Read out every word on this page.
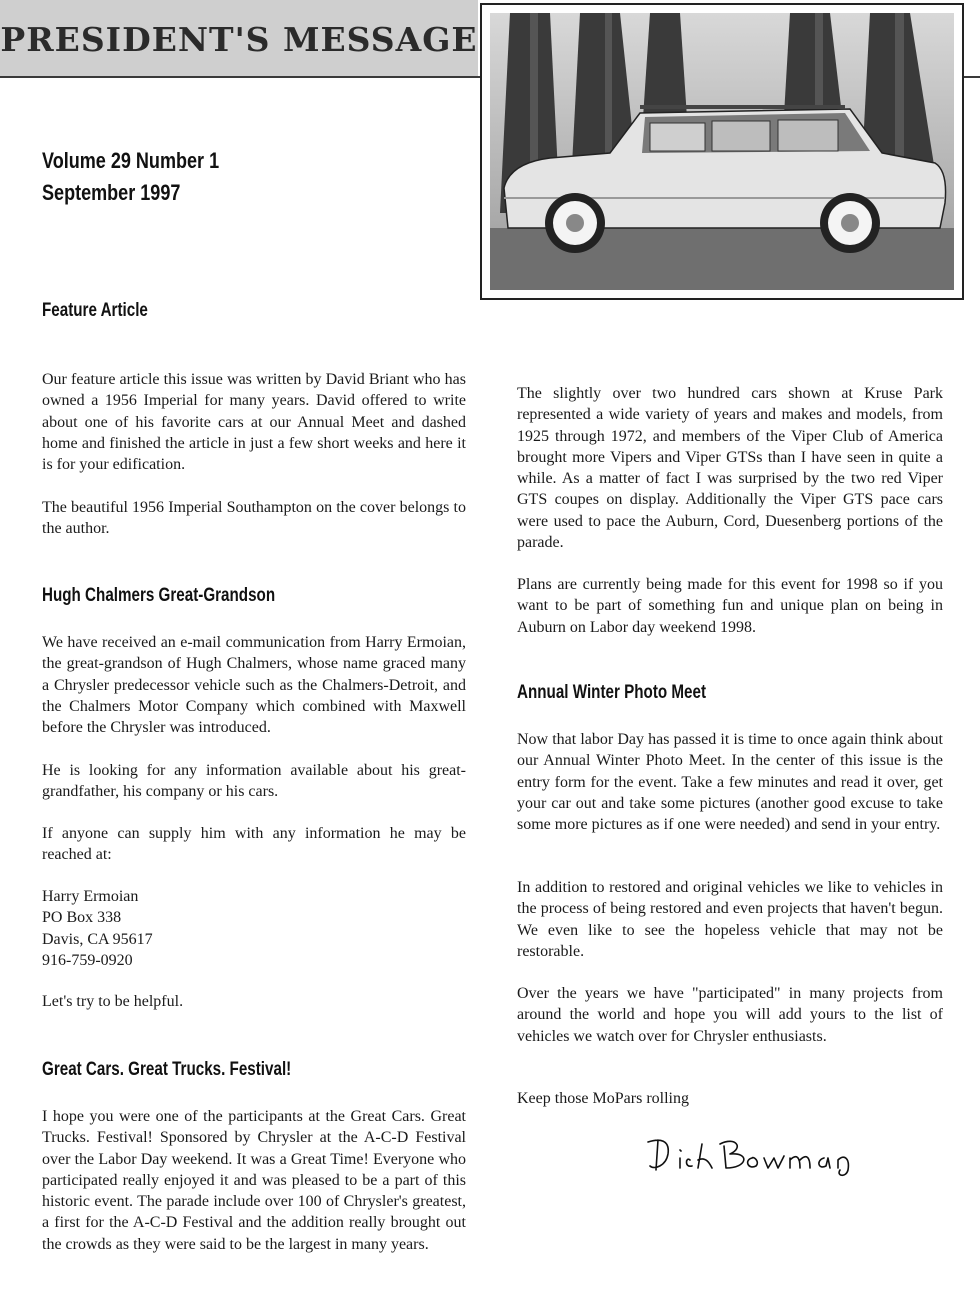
PRESIDENT'S MESSAGE
Volume 29 Number 1
September 1997
Feature Article
Our feature article this issue was written by David Briant who has owned a 1956 Imperial for many years. David offered to write about one of his favorite cars at our Annual Meet and dashed home and finished the article in just a few short weeks and here it is for your edification.
The beautiful 1956 Imperial Southampton on the cover belongs to the author.
Hugh Chalmers Great-Grandson
We have received an e-mail communication from Harry Ermoian, the great-grandson of Hugh Chalmers, whose name graced many a Chrysler predecessor vehicle such as the Chalmers-Detroit, and the Chalmers Motor Company which combined with Maxwell before the Chrysler was introduced.
He is looking for any information available about his great-grandfather, his company or his cars.
If anyone can supply him with any information he may be reached at:
Harry Ermoian
PO Box 338
Davis, CA 95617
916-759-0920
Let's try to be helpful.
Great Cars. Great Trucks. Festival!
I hope you were one of the participants at the Great Cars. Great Trucks. Festival! Sponsored by Chrysler at the A-C-D Festival over the Labor Day weekend. It was a Great Time! Everyone who participated really enjoyed it and was pleased to be a part of this historic event. The parade include over 100 of Chrysler's greatest, a first for the A-C-D Festival and the addition really brought out the crowds as they were said to be the largest in many years.
The slightly over two hundred cars shown at Kruse Park represented a wide variety of years and makes and models, from 1925 through 1972, and members of the Viper Club of America brought more Vipers and Viper GTSs than I have seen in quite a while. As a matter of fact I was surprised by the two red Viper GTS coupes on display. Additionally the Viper GTS pace cars were used to pace the Auburn, Cord, Duesenberg portions of the parade.
Plans are currently being made for this event for 1998 so if you want to be part of something fun and unique plan on being in Auburn on Labor day weekend 1998.
Annual Winter Photo Meet
Now that labor Day has passed it is time to once again think about our Annual Winter Photo Meet. In the center of this issue is the entry form for the event. Take a few minutes and read it over, get your car out and take some pictures (another good excuse to take some more pictures as if one were needed) and send in your entry.
In addition to restored and original vehicles we like to vehicles in the process of being restored and even projects that haven't begun. We even like to see the hopeless vehicle that may not be restorable.
Over the years we have "participated" in many projects from around the world and hope you will add yours to the list of vehicles we watch over for Chrysler enthusiasts.
Keep those MoPars rolling
